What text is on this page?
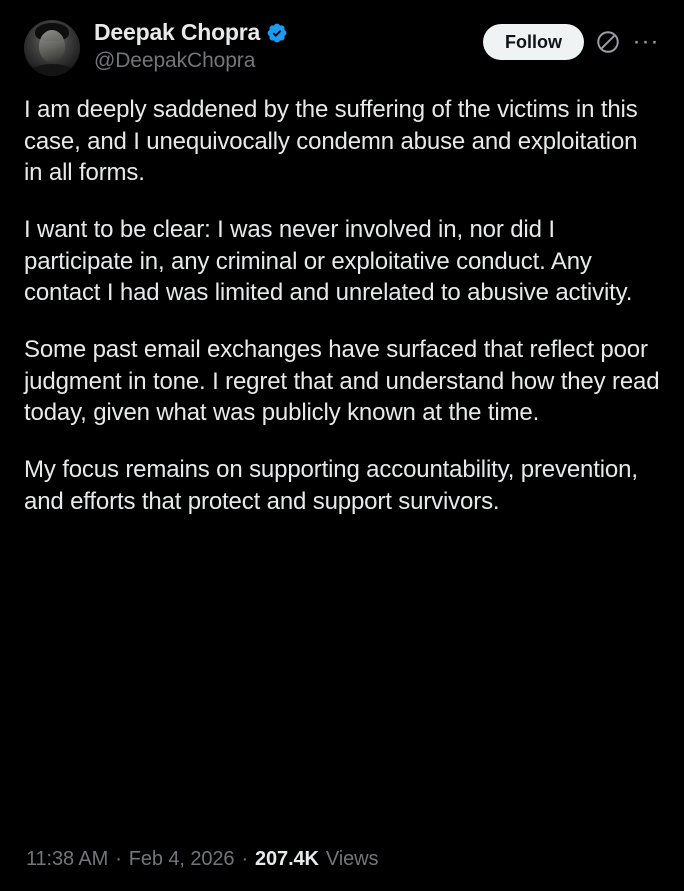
Deepak Chopra
@DeepakChopra
Follow	···

I am deeply saddened by the suffering of the victims in this case, and I unequivocally condemn abuse and exploitation in all forms.

I want to be clear: I was never involved in, nor did I participate in, any criminal or exploitative conduct. Any contact I had was limited and unrelated to abusive activity.

Some past email exchanges have surfaced that reflect poor judgment in tone. I regret that and understand how they read today, given what was publicly known at the time.

My focus remains on supporting accountability, prevention, and efforts that protect and support survivors.

11:38 AM · Feb 4, 2026 · 207.4K Views
